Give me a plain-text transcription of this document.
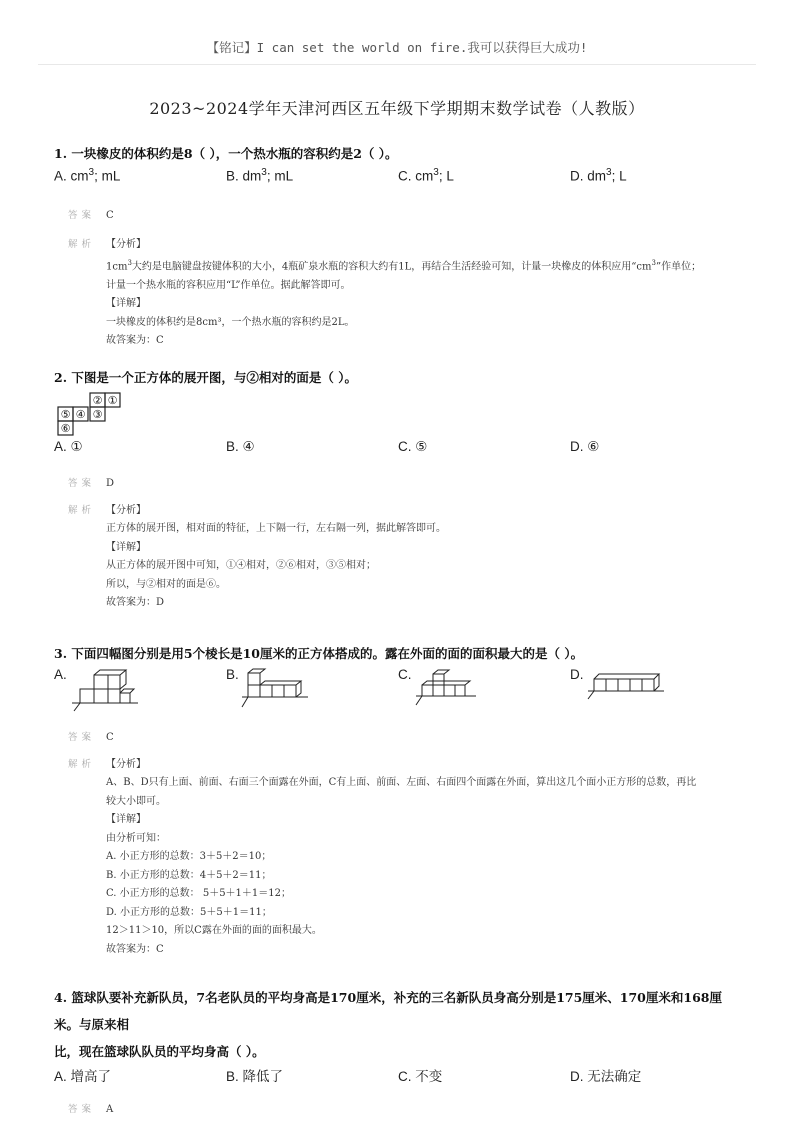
【铭记】I can set the world on fire.我可以获得巨大成功!
2023~2024学年天津河西区五年级下学期期末数学试卷（人教版）
1. 一块橡皮的体积约是8（ ），一个热水瓶的容积约是2（ ）。
A. $cm^3$; mL	B. $dm^3$; mL	C. $cm^3$; L	D. $dm^3$; L
答案 C
解析 【分析】
$1cm^3$大约是电脑键盘按键体积的大小，4瓶矿泉水瓶的容积大约有1L，再结合生活经验可知，计量一块橡皮的体积应用“$cm^3$”作单位；
计量一个热水瓶的容积应用“L”作单位。据此解答即可。
【详解】
一块橡皮的体积约是8cm³，一个热水瓶的容积约是2L。
故答案为：C
2. 下图是一个正方体的展开图，与②相对的面是（ ）。
② ①
⑤ ④ ③
⑥
A. ①	B. ④	C. ⑤	D. ⑥
答案 D
解析 【分析】
正方体的展开图，相对面的特征，上下隔一行，左右隔一列，据此解答即可。
【详解】
从正方体的展开图中可知，①④相对，②⑥相对，③⑤相对；
所以，与②相对的面是⑥。
故答案为：D
3. 下面四幅图分别是用5个棱长是10厘米的正方体搭成的。露在外面的面的面积最大的是（ ）。
A.	B.	C.	D.
答案 C
解析 【分析】
A、B、D只有上面、前面、右面三个面露在外面，C有上面、前面、左面、右面四个面露在外面，算出这几个面小正方形的总数，再比
较大小即可。
【详解】
由分析可知：
A. 小正方形的总数：3＋5＋2＝10；
B. 小正方形的总数：4＋5＋2＝11；
C. 小正方形的总数： 5＋5＋1＋1＝12；
D. 小正方形的总数：5＋5＋1＝11；
12＞11＞10，所以C露在外面的面的面积最大。
故答案为：C
4. 篮球队要补充新队员，7名老队员的平均身高是170厘米，补充的三名新队员身高分别是175厘米、170厘米和168厘米。与原来相
比，现在篮球队队员的平均身高（ ）。
A. 增高了	B. 降低了	C. 不变	D. 无法确定
答案 A
